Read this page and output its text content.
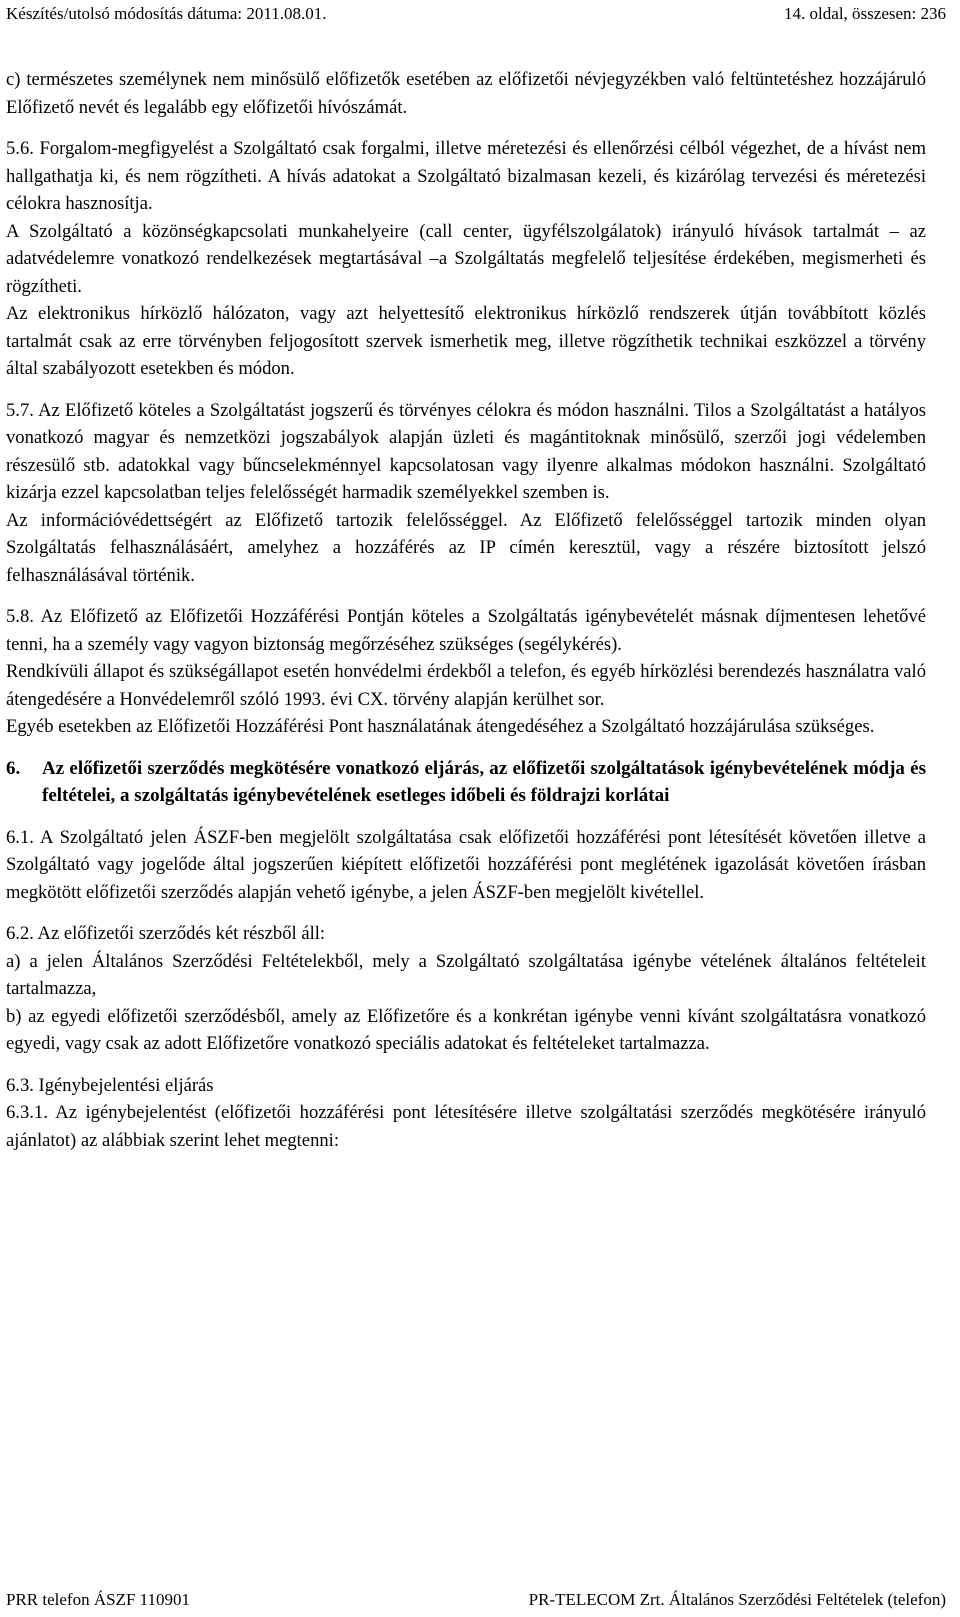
Készítés/utolsó módosítás dátuma: 2011.08.01.	14. oldal, összesen: 236

c) természetes személynek nem minősülő előfizetők esetében az előfizetői névjegyzékben való feltüntetéshez hozzájáruló Előfizető nevét és legalább egy előfizetői hívószámát.

5.6. Forgalom-megfigyelést a Szolgáltató csak forgalmi, illetve méretezési és ellenőrzési célból végezhet, de a hívást nem hallgathatja ki, és nem rögzítheti. A hívás adatokat a Szolgáltató bizalmasan kezeli, és kizárólag tervezési és méretezési célokra hasznosítja.

A Szolgáltató a közönségkapcsolati munkahelyeire (call center, ügyfélszolgálatok) irányuló hívások tartalmát – az adatvédelemre vonatkozó rendelkezések megtartásával –a Szolgáltatás megfelelő teljesítése érdekében, megismerheti és rögzítheti.

Az elektronikus hírközlő hálózaton, vagy azt helyettesítő elektronikus hírközlő rendszerek útján továbbított közlés tartalmát csak az erre törvényben feljogosított szervek ismerhetik meg, illetve rögzíthetik technikai eszközzel a törvény által szabályozott esetekben és módon.

5.7. Az Előfizető köteles a Szolgáltatást jogszerű és törvényes célokra és módon használni. Tilos a Szolgáltatást a hatályos vonatkozó magyar és nemzetközi jogszabályok alapján üzleti és magántitoknak minősülő, szerzői jogi védelemben részesülő stb. adatokkal vagy bűncselekménnyel kapcsolatosan vagy ilyenre alkalmas módokon használni. Szolgáltató kizárja ezzel kapcsolatban teljes felelősségét harmadik személyekkel szemben is.

Az információvédettségért az Előfizető tartozik felelősséggel. Az Előfizető felelősséggel tartozik minden olyan Szolgáltatás felhasználásáért, amelyhez a hozzáférés az IP címén keresztül, vagy a részére biztosított jelszó felhasználásával történik.

5.8. Az Előfizető az Előfizetői Hozzáférési Pontján köteles a Szolgáltatás igénybevételét másnak díjmentesen lehetővé tenni, ha a személy vagy vagyon biztonság megőrzéséhez szükséges (segélykérés).

Rendkívüli állapot és szükségállapot esetén honvédelmi érdekből a telefon, és egyéb hírközlési berendezés használatra való átengedésére a Honvédelemről szóló 1993. évi CX. törvény alapján kerülhet sor.

Egyéb esetekben az Előfizetői Hozzáférési Pont használatának átengedéséhez a Szolgáltató hozzájárulása szükséges.

6.	Az előfizetői szerződés megkötésére vonatkozó eljárás, az előfizetői szolgáltatások igénybevételének módja és feltételei, a szolgáltatás igénybevételének esetleges időbeli és földrajzi korlátai

6.1. A Szolgáltató jelen ÁSZF-ben megjelölt szolgáltatása csak előfizetői hozzáférési pont létesítését követően illetve a Szolgáltató vagy jogelőde által jogszerűen kiépített előfizetői hozzáférési pont meglétének igazolását követően írásban megkötött előfizetői szerződés alapján vehető igénybe, a jelen ÁSZF-ben megjelölt kivétellel.

6.2. Az előfizetői szerződés két részből áll:

a) a jelen Általános Szerződési Feltételekből, mely a Szolgáltató szolgáltatása igénybe vételének általános feltételeit tartalmazza,

b) az egyedi előfizetői szerződésből, amely az Előfizetőre és a konkrétan igénybe venni kívánt szolgáltatásra vonatkozó egyedi, vagy csak az adott Előfizetőre vonatkozó speciális adatokat és feltételeket tartalmazza.

6.3. Igénybejelentési eljárás

6.3.1. Az igénybejelentést (előfizetői hozzáférési pont létesítésére illetve szolgáltatási szerződés megkötésére irányuló ajánlatot) az alábbiak szerint lehet megtenni:

PRR telefon ÁSZF 110901	PR-TELECOM Zrt. Általános Szerződési Feltételek (telefon)
